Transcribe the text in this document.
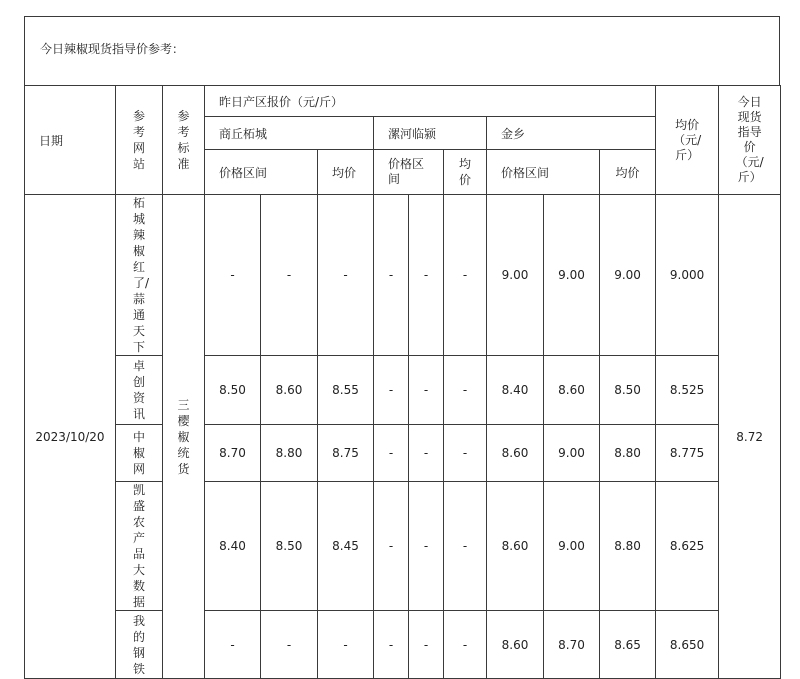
今日辣椒现货指导价参考：
日期	参考网站	参考标准	昨日产区报价（元/斤）									均价（元/斤）	今日现货指导价（元/斤）

			商丘柘城			漯河临颍			金乡				
			价格区间		均价	价格区间		均价	价格区间		均价		
2023/10/20	柘城辣椒红了/蒜通天下	三樱椒统货	-	-	-	-	-	-	9.00	9.00	9.00	9.000	8.72

	卓创资讯		8.50	8.60	8.55	-	-	-	8.40	8.60	8.50	8.525	

	中椒网		8.70	8.80	8.75	-	-	-	8.60	9.00	8.80	8.775	

	凯盛农产品大数据		8.40	8.50	8.45	-	-	-	8.60	9.00	8.80	8.625	

	我的钢铁		-	-	-	-	-	-	8.60	8.70	8.65	8.650	
